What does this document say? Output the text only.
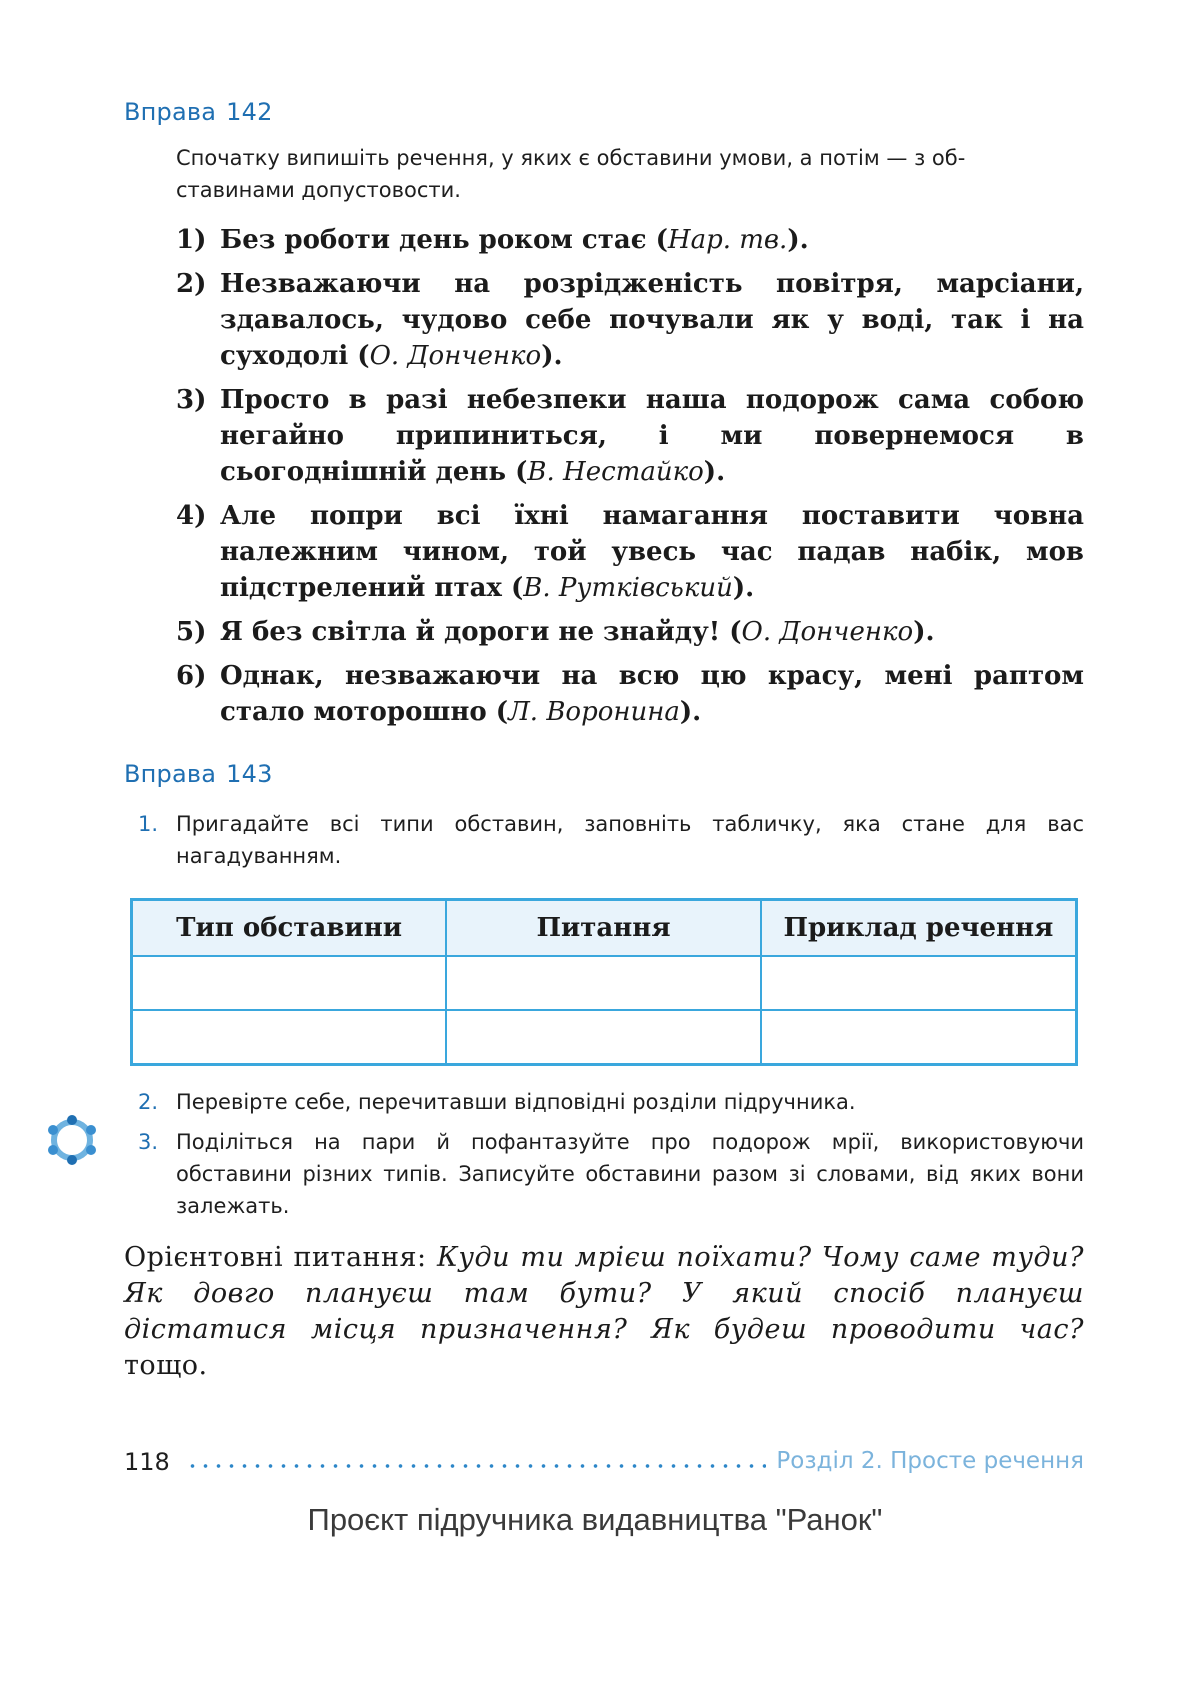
Вправа 142

Спочатку випишіть речення, у яких є обставини умови, а потім — з об-
ставинами допустовости.

1) Без роботи день роком стає (Нар. тв.).
2) Незважаючи на розрідженість повітря, марсіани, здавалось, чудово себе почували як у воді, так і на суходолі (О. Донченко).
3) Просто в разі небезпеки наша подорож сама собою негайно припиниться, і ми повернемося в сьогоднішній день (В. Нестайко).
4) Але попри всі їхні намагання поставити човна належним чином, той увесь час падав набік, мов підстрелений птах (В. Рутківський).
5) Я без світла й дороги не знайду! (О. Донченко).
6) Однак, незважаючи на всю цю красу, мені раптом стало моторошно (Л. Воронина).
Вправа 143
1. Пригадайте всі типи обставин, заповніть табличку, яка стане для вас нагадуванням.
Тип обставини	Питання	Приклад речення

2. Перевірте себе, перечитавши відповідні розділи підручника.
3. Поділіться на пари й пофантазуйте про подорож мрії, використовуючи обставини різних типів. Записуйте обставини разом зі словами, від яких вони залежать.

Орієнтовні питання: Куди ти мрієш поїхати? Чому саме туди? Як довго плануєш там бути? У який спосіб плануєш дістатися місця призначення? Як будеш проводити час? тощо.

118	Розділ 2. Просте речення
Проєкт підручника видавництва "Ранок"
